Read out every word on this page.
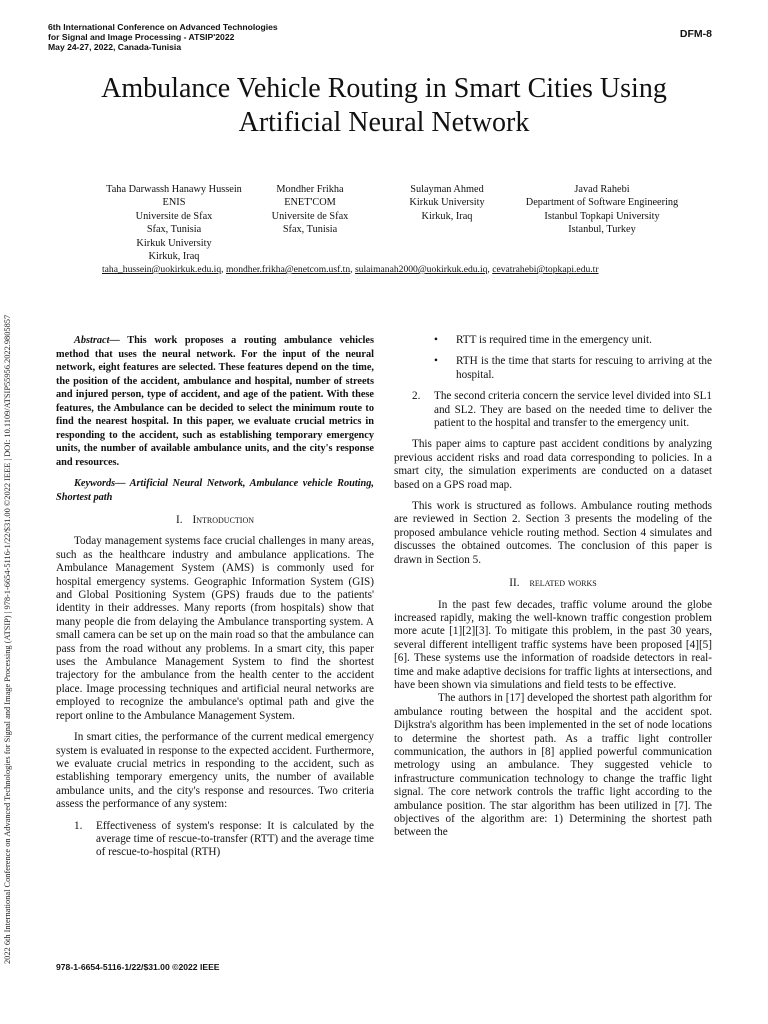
6th International Conference on Advanced Technologies
for Signal and Image Processing - ATSIP'2022
May 24-27, 2022, Canada-Tunisia
DFM-8
2022 6th International Conference on Advanced Technologies for Signal and Image Processing (ATSIP) | 978-1-6654-5116-1/22/$31.00 ©2022 IEEE | DOI: 10.1109/ATSIP55956.2022.9805857
Ambulance Vehicle Routing in Smart Cities Using
Artificial Neural Network
Taha Darwassh Hanawy Hussein
ENIS
Universite de Sfax
Sfax, Tunisia
Kirkuk University
Kirkuk, Iraq
Mondher Frikha
ENET'COM
Universite de Sfax
Sfax, Tunisia
Sulayman Ahmed
Kirkuk University
Kirkuk, Iraq
Javad Rahebi
Department of Software Engineering
Istanbul Topkapi University
Istanbul, Turkey
taha_hussein@uokirkuk.edu.iq, mondher.frikha@enetcom.usf.tn, sulaimanah2000@uokirkuk.edu.iq, cevatrahebi@topkapi.edu.tr

Abstract— This work proposes a routing ambulance vehicles method that uses the neural network. For the input of the neural network, eight features are selected. These features depend on the time, the position of the accident, ambulance and hospital, number of streets and injured person, type of accident, and age of the patient. With these features, the Ambulance can be decided to select the minimum route to find the nearest hospital. In this paper, we evaluate crucial metrics in responding to the accident, such as establishing temporary emergency units, the number of available ambulance units, and the city's response and resources.

Keywords— Artificial Neural Network, Ambulance vehicle Routing, Shortest path

I. Introduction

Today management systems face crucial challenges in many areas, such as the healthcare industry and ambulance applications. The Ambulance Management System (AMS) is commonly used for hospital emergency systems. Geographic Information System (GIS) and Global Positioning System (GPS) frauds due to the patients' identity in their addresses. Many reports (from hospitals) show that many people die from delaying the Ambulance transporting system. A small camera can be set up on the main road so that the ambulance can pass from the road without any problems. In a smart city, this paper uses the Ambulance Management System to find the shortest trajectory for the ambulance from the health center to the accident place. Image processing techniques and artificial neural networks are employed to recognize the ambulance's optimal path and give the report online to the Ambulance Management System.

In smart cities, the performance of the current medical emergency system is evaluated in response to the expected accident. Furthermore, we evaluate crucial metrics in responding to the accident, such as establishing temporary emergency units, the number of available ambulance units, and the city's response and resources. Two criteria assess the performance of any system:

1. Effectiveness of system's response: It is calculated by the average time of rescue-to-transfer (RTT) and the average time of rescue-to-hospital (RTH)

• RTT is required time in the emergency unit.

• RTH is the time that starts for rescuing to arriving at the hospital.

2. The second criteria concern the service level divided into SL1 and SL2. They are based on the needed time to deliver the patient to the hospital and transfer to the emergency unit.

This paper aims to capture past accident conditions by analyzing previous accident risks and road data corresponding to policies. In a smart city, the simulation experiments are conducted on a dataset based on a GPS road map.

This work is structured as follows. Ambulance routing methods are reviewed in Section 2. Section 3 presents the modeling of the proposed ambulance vehicle routing method. Section 4 simulates and discusses the obtained outcomes. The conclusion of this paper is drawn in Section 5.

II. related works

In the past few decades, traffic volume around the globe increased rapidly, making the well-known traffic congestion problem more acute [1][2][3]. To mitigate this problem, in the past 30 years, several different intelligent traffic systems have been proposed [4][5][6]. These systems use the information of roadside detectors in real-time and make adaptive decisions for traffic lights at intersections, and have been shown via simulations and field tests to be effective.

The authors in [17] developed the shortest path algorithm for ambulance routing between the hospital and the accident spot. Dijkstra's algorithm has been implemented in the set of node locations to determine the shortest path. As a traffic light controller communication, the authors in [8] applied powerful communication metrology using an ambulance. They suggested vehicle to infrastructure communication technology to change the traffic light signal. The core network controls the traffic light according to the ambulance position. The star algorithm has been utilized in [7]. The objectives of the algorithm are: 1) Determining the shortest path between the

978-1-6654-5116-1/22/$31.00 ©2022 IEEE
